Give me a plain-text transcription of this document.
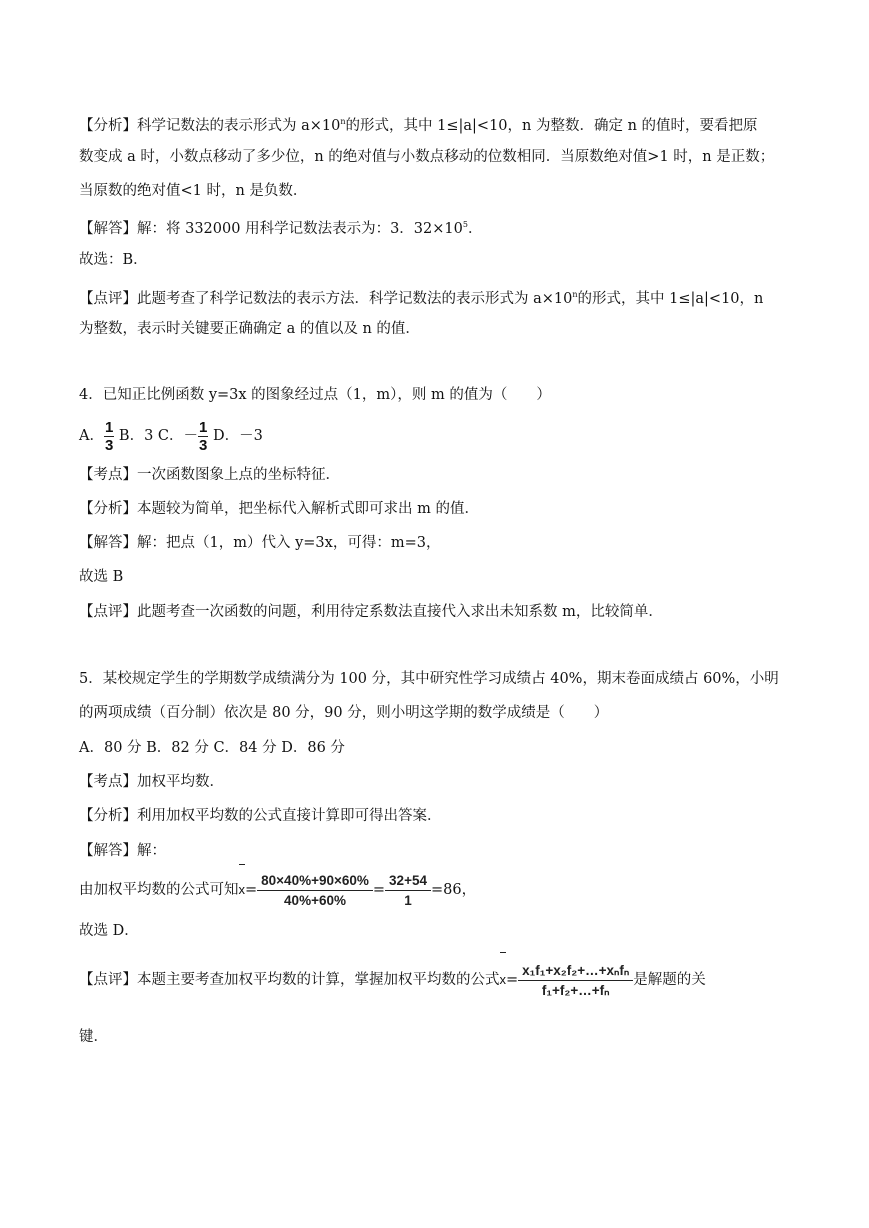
【分析】科学记数法的表示形式为 $a\times 10^n$的形式，其中 1≤|a|<10，n 为整数．确定 n 的值时，要看把原
数变成 a 时，小数点移动了多少位，n 的绝对值与小数点移动的位数相同．当原数绝对值>1 时，n 是正数；
当原数的绝对值<1 时，n 是负数．
【解答】解：将 332000 用科学记数法表示为：3．$32\times 10^5$．
故选：B．
【点评】此题考查了科学记数法的表示方法．科学记数法的表示形式为 $a\times 10^n$的形式，其中 1≤|a|<10，n
为整数，表示时关键要正确确定 a 的值以及 n 的值．
4．已知正比例函数 y=3x 的图象经过点（1，m），则 m 的值为（　　）
A． $\frac{1}{3}$ B．3 C．－ $\frac{1}{3}$ D．－3
【考点】一次函数图象上点的坐标特征．
【分析】本题较为简单，把坐标代入解析式即可求出 m 的值．
【解答】解：把点（1，m）代入 y=3x，可得：m=3，
故选 B
【点评】此题考查一次函数的问题，利用待定系数法直接代入求出未知系数 m，比较简单．
5．某校规定学生的学期数学成绩满分为 100 分，其中研究性学习成绩占 40%，期末卷面成绩占 60%，小明
的两项成绩（百分制）依次是 80 分，90 分，则小明这学期的数学成绩是（　　）
A．80 分 B．82 分 C．84 分 D．86 分
【考点】加权平均数．
【分析】利用加权平均数的公式直接计算即可得出答案．
【解答】解：
由加权平均数的公式可知$x= \frac{80\times 40\%+90\times 60\%}{40\%+60\%} = \frac{32+54}{1} =86$，
故选 D．
【点评】本题主要考查加权平均数的计算，掌握加权平均数的公式$x= \frac{\text{x₁f₁+x₂f₂+…+xₙfₙ}}{\text{f₁+f₂+…+fₙ}}$ 是解题的关
键．
